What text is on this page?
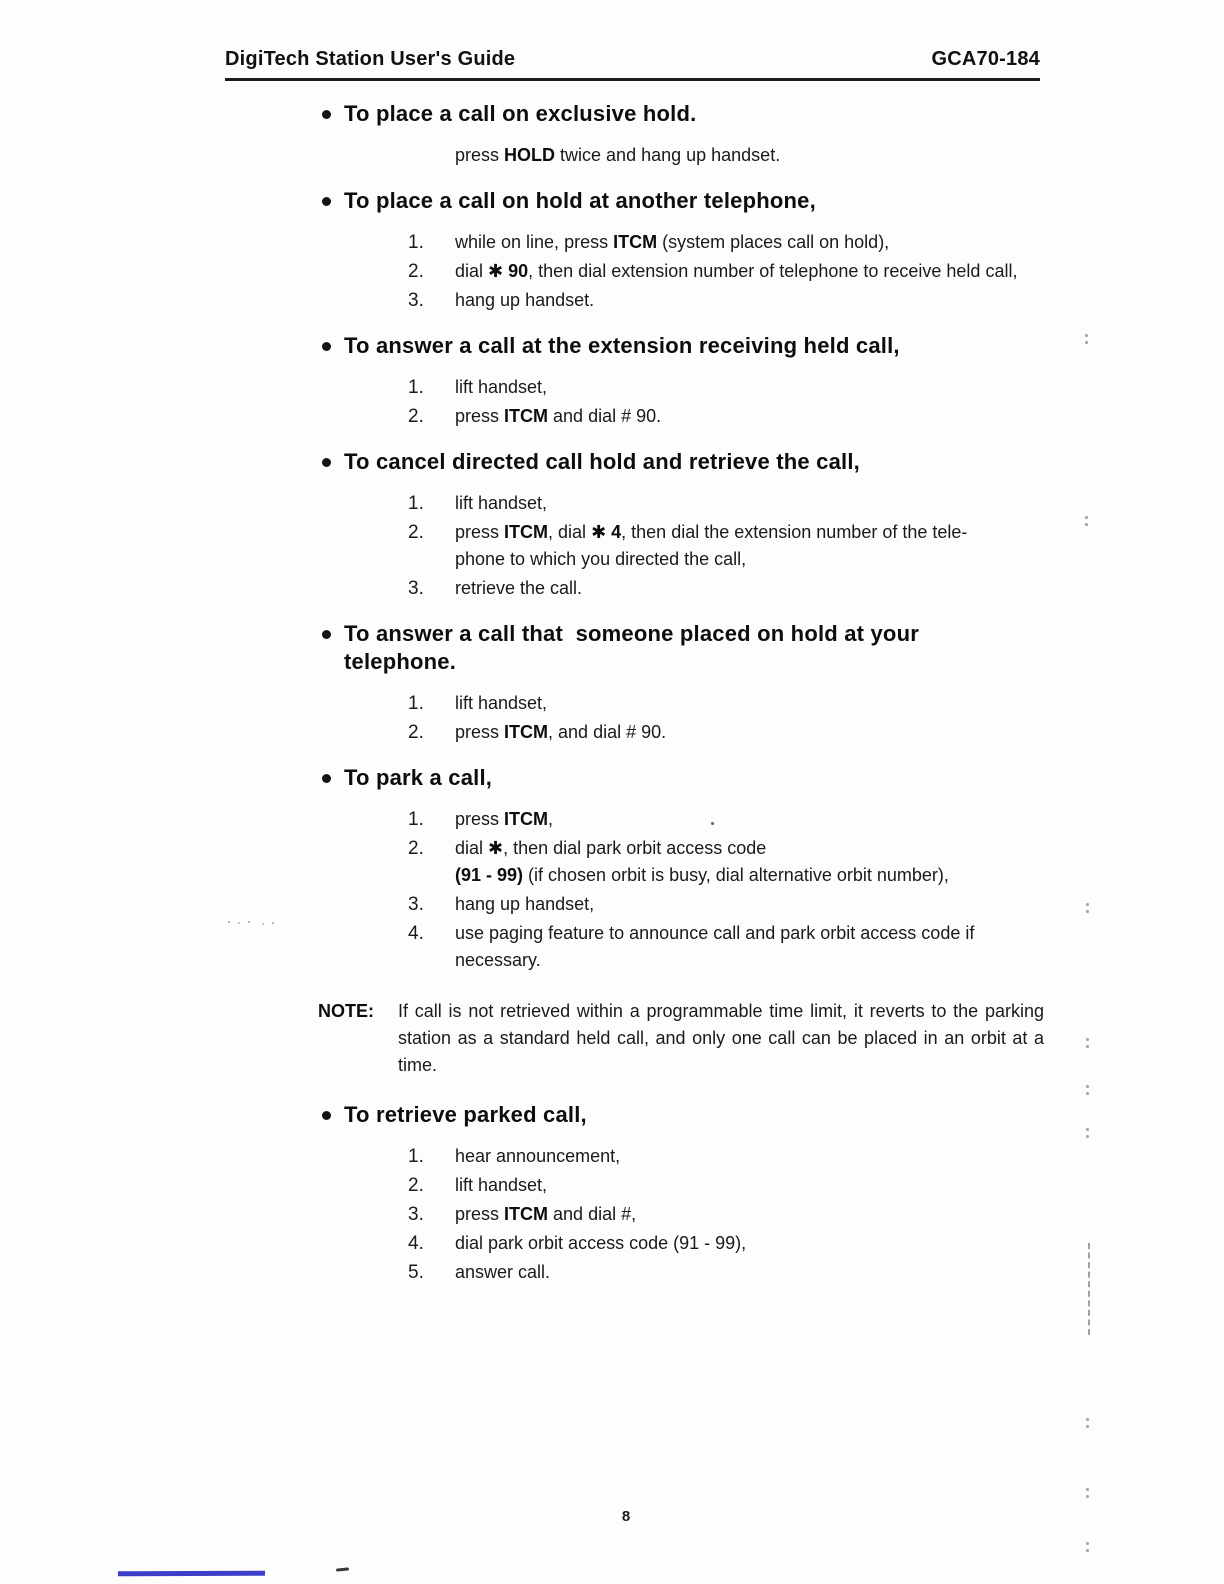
DigiTech Station User's Guide	GCA70-184
To place a call on exclusive hold.
press HOLD twice and hang up handset.
To place a call on hold at another telephone,
1.	while on line, press ITCM (system places call on hold),
2.	dial ✱ 90, then dial extension number of telephone to receive held call,
3.	hang up handset.
To answer a call at the extension receiving held call,
1.	lift handset,
2.	press ITCM and dial # 90.
To cancel directed call hold and retrieve the call,
1.	lift handset,
2.	press ITCM, dial ✱ 4, then dial the extension number of the tele-
phone to which you directed the call,
3.	retrieve the call.
To answer a call that  someone placed on hold at your telephone.
1.	lift handset,
2.	press ITCM, and dial # 90.
To park a call,
1.	press ITCM,
2.	dial ✱, then dial park orbit access code
(91 - 99) (if chosen orbit is busy, dial alternative orbit number),
3.	hang up handset,
4.	use paging feature to announce call and park orbit access code if necessary.
NOTE:	If call is not retrieved within a programmable time limit, it reverts to the parking station as a standard held call, and only one call can be placed in an orbit at a time.
To retrieve parked call,
1.	hear announcement,
2.	lift handset,
3.	press ITCM and dial #,
4.	dial park orbit access code (91 - 99),
5.	answer call.
8
